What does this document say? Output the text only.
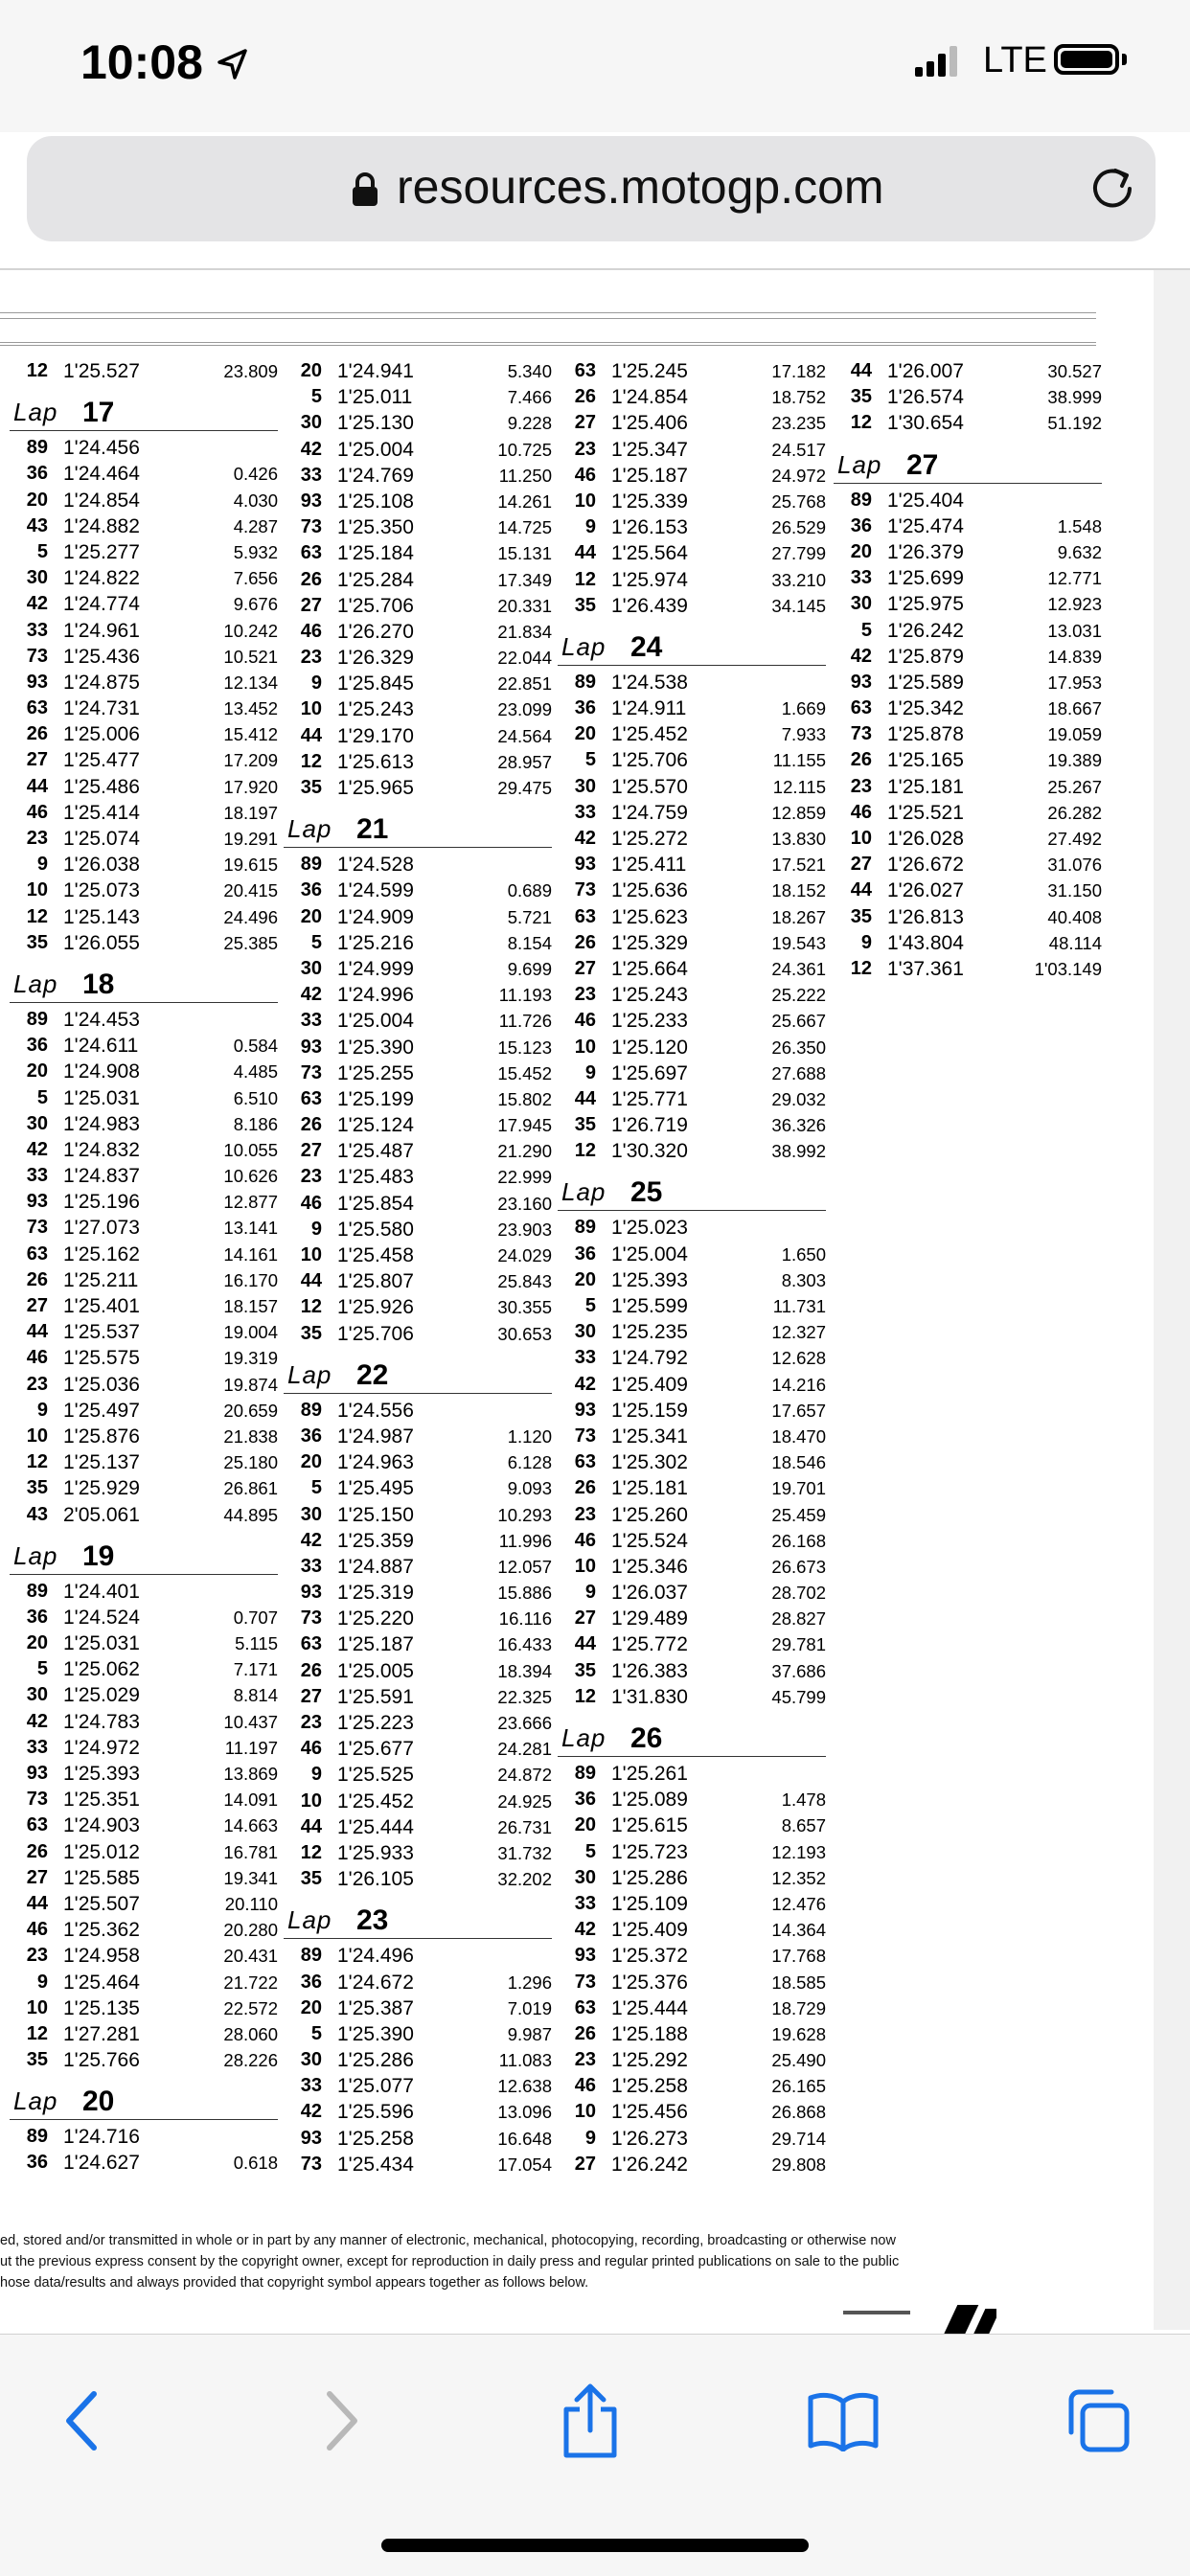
10:08	LTE
resources.motogp.com
12 1'25.527	23.809
Lap 17
89 1'24.456
36 1'24.464	0.426
20 1'24.854	4.030
43 1'24.882	4.287
5 1'25.277	5.932
30 1'24.822	7.656
42 1'24.774	9.676
33 1'24.961	10.242
73 1'25.436	10.521
93 1'24.875	12.134
63 1'24.731	13.452
26 1'25.006	15.412
27 1'25.477	17.209
44 1'25.486	17.920
46 1'25.414	18.197
23 1'25.074	19.291
9 1'26.038	19.615
10 1'25.073	20.415
12 1'25.143	24.496
35 1'26.055	25.385
Lap 18
89 1'24.453
36 1'24.611	0.584
20 1'24.908	4.485
5 1'25.031	6.510
30 1'24.983	8.186
42 1'24.832	10.055
33 1'24.837	10.626
93 1'25.196	12.877
73 1'27.073	13.141
63 1'25.162	14.161
26 1'25.211	16.170
27 1'25.401	18.157
44 1'25.537	19.004
46 1'25.575	19.319
23 1'25.036	19.874
9 1'25.497	20.659
10 1'25.876	21.838
12 1'25.137	25.180
35 1'25.929	26.861
43 2'05.061	44.895
Lap 19
89 1'24.401
36 1'24.524	0.707
20 1'25.031	5.115
5 1'25.062	7.171
30 1'25.029	8.814
42 1'24.783	10.437
33 1'24.972	11.197
93 1'25.393	13.869
73 1'25.351	14.091
63 1'24.903	14.663
26 1'25.012	16.781
27 1'25.585	19.341
44 1'25.507	20.110
46 1'25.362	20.280
23 1'24.958	20.431
9 1'25.464	21.722
10 1'25.135	22.572
12 1'27.281	28.060
35 1'25.766	28.226
Lap 20
89 1'24.716
36 1'24.627	0.618
20 1'24.941	5.340
5 1'25.011	7.466
30 1'25.130	9.228
42 1'25.004	10.725
33 1'24.769	11.250
93 1'25.108	14.261
73 1'25.350	14.725
63 1'25.184	15.131
26 1'25.284	17.349
27 1'25.706	20.331
46 1'26.270	21.834
23 1'26.329	22.044
9 1'25.845	22.851
10 1'25.243	23.099
44 1'29.170	24.564
12 1'25.613	28.957
35 1'25.965	29.475
Lap 21
89 1'24.528
36 1'24.599	0.689
20 1'24.909	5.721
5 1'25.216	8.154
30 1'24.999	9.699
42 1'24.996	11.193
33 1'25.004	11.726
93 1'25.390	15.123
73 1'25.255	15.452
63 1'25.199	15.802
26 1'25.124	17.945
27 1'25.487	21.290
23 1'25.483	22.999
46 1'25.854	23.160
9 1'25.580	23.903
10 1'25.458	24.029
44 1'25.807	25.843
12 1'25.926	30.355
35 1'25.706	30.653
Lap 22
89 1'24.556
36 1'24.987	1.120
20 1'24.963	6.128
5 1'25.495	9.093
30 1'25.150	10.293
42 1'25.359	11.996
33 1'24.887	12.057
93 1'25.319	15.886
73 1'25.220	16.116
63 1'25.187	16.433
26 1'25.005	18.394
27 1'25.591	22.325
23 1'25.223	23.666
46 1'25.677	24.281
9 1'25.525	24.872
10 1'25.452	24.925
44 1'25.444	26.731
12 1'25.933	31.732
35 1'26.105	32.202
Lap 23
89 1'24.496
36 1'24.672	1.296
20 1'25.387	7.019
5 1'25.390	9.987
30 1'25.286	11.083
33 1'25.077	12.638
42 1'25.596	13.096
93 1'25.258	16.648
73 1'25.434	17.054
63 1'25.245	17.182
26 1'24.854	18.752
27 1'25.406	23.235
23 1'25.347	24.517
46 1'25.187	24.972
10 1'25.339	25.768
9 1'26.153	26.529
44 1'25.564	27.799
12 1'25.974	33.210
35 1'26.439	34.145
Lap 24
89 1'24.538
36 1'24.911	1.669
20 1'25.452	7.933
5 1'25.706	11.155
30 1'25.570	12.115
33 1'24.759	12.859
42 1'25.272	13.830
93 1'25.411	17.521
73 1'25.636	18.152
63 1'25.623	18.267
26 1'25.329	19.543
27 1'25.664	24.361
23 1'25.243	25.222
46 1'25.233	25.667
10 1'25.120	26.350
9 1'25.697	27.688
44 1'25.771	29.032
35 1'26.719	36.326
12 1'30.320	38.992
Lap 25
89 1'25.023
36 1'25.004	1.650
20 1'25.393	8.303
5 1'25.599	11.731
30 1'25.235	12.327
33 1'24.792	12.628
42 1'25.409	14.216
93 1'25.159	17.657
73 1'25.341	18.470
63 1'25.302	18.546
26 1'25.181	19.701
23 1'25.260	25.459
46 1'25.524	26.168
10 1'25.346	26.673
9 1'26.037	28.702
27 1'29.489	28.827
44 1'25.772	29.781
35 1'26.383	37.686
12 1'31.830	45.799
Lap 26
89 1'25.261
36 1'25.089	1.478
20 1'25.615	8.657
5 1'25.723	12.193
30 1'25.286	12.352
33 1'25.109	12.476
42 1'25.409	14.364
93 1'25.372	17.768
73 1'25.376	18.585
63 1'25.444	18.729
26 1'25.188	19.628
23 1'25.292	25.490
46 1'25.258	26.165
10 1'25.456	26.868
9 1'26.273	29.714
27 1'26.242	29.808
44 1'26.007	30.527
35 1'26.574	38.999
12 1'30.654	51.192
Lap 27
89 1'25.404
36 1'25.474	1.548
20 1'26.379	9.632
33 1'25.699	12.771
30 1'25.975	12.923
5 1'26.242	13.031
42 1'25.879	14.839
93 1'25.589	17.953
63 1'25.342	18.667
73 1'25.878	19.059
26 1'25.165	19.389
23 1'25.181	25.267
46 1'25.521	26.282
10 1'26.028	27.492
27 1'26.672	31.076
44 1'26.027	31.150
35 1'26.813	40.408
9 1'43.804	48.114
12 1'37.361	1'03.149
ed, stored and/or transmitted in whole or in part by any manner of electronic, mechanical, photocopying, recording, broadcasting or otherwise now
ut the previous express consent by the copyright owner, except for reproduction in daily press and regular printed publications on sale to the public
hose data/results and always provided that copyright symbol appears together as follows below.
